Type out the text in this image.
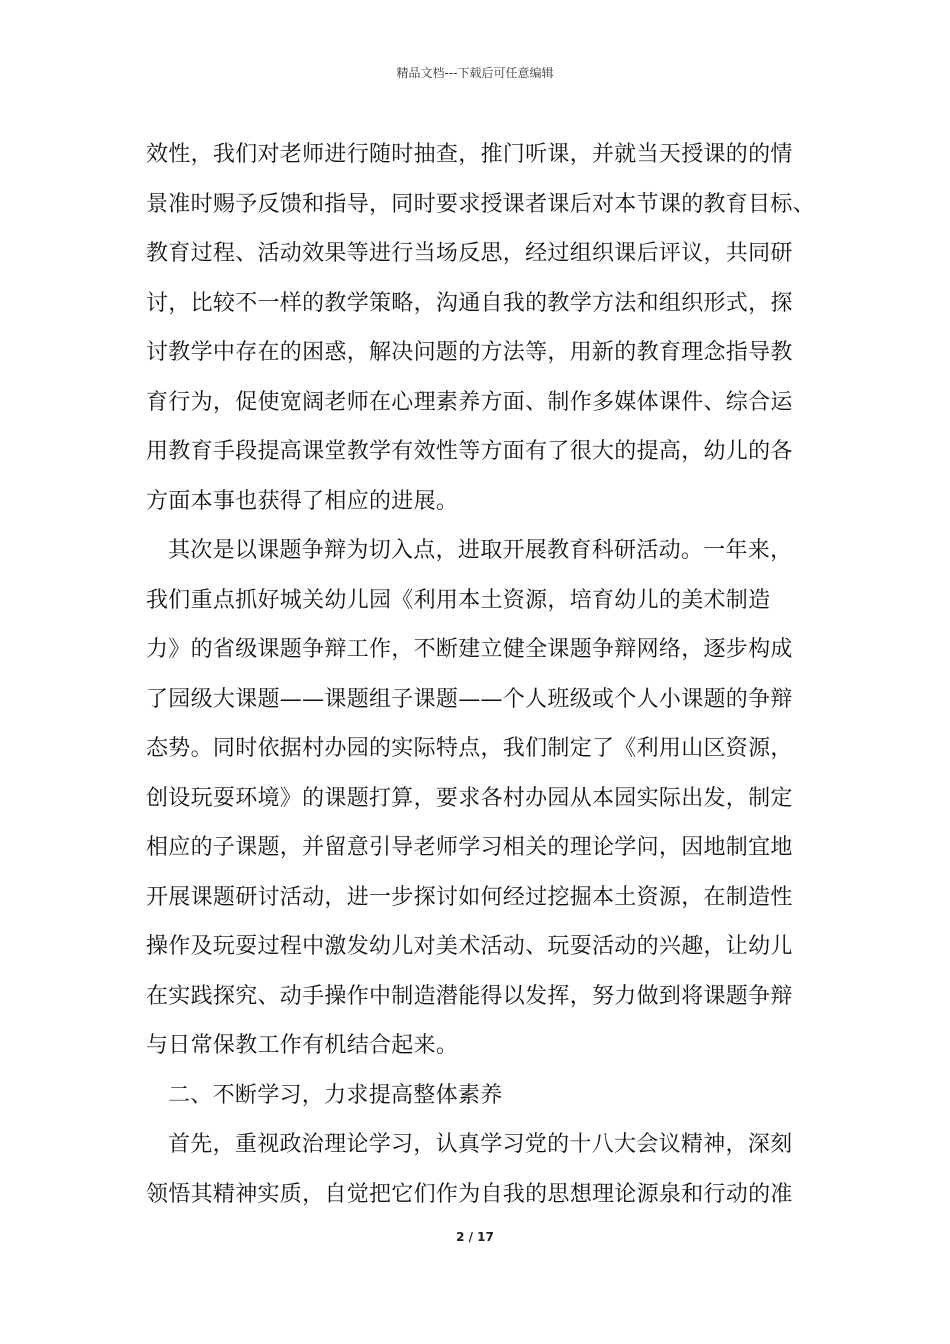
精品文档---下载后可任意编辑
效性，我们对老师进行随时抽查，推门听课，并就当天授课的的情
景准时赐予反馈和指导，同时要求授课者课后对本节课的教育目标、
教育过程、活动效果等进行当场反思，经过组织课后评议，共同研
讨，比较不一样的教学策略，沟通自我的教学方法和组织形式，探
讨教学中存在的困惑，解决问题的方法等，用新的教育理念指导教
育行为，促使宽阔老师在心理素养方面、制作多媒体课件、综合运
用教育手段提高课堂教学有效性等方面有了很大的提高，幼儿的各
方面本事也获得了相应的进展。
其次是以课题争辩为切入点，进取开展教育科研活动。一年来，
我们重点抓好城关幼儿园《利用本土资源，培育幼儿的美术制造
力》的省级课题争辩工作，不断建立健全课题争辩网络，逐步构成
了园级大课题——课题组子课题——个人班级或个人小课题的争辩
态势。同时依据村办园的实际特点，我们制定了《利用山区资源，
创设玩耍环境》的课题打算，要求各村办园从本园实际出发，制定
相应的子课题，并留意引导老师学习相关的理论学问，因地制宜地
开展课题研讨活动，进一步探讨如何经过挖掘本土资源，在制造性
操作及玩耍过程中激发幼儿对美术活动、玩耍活动的兴趣，让幼儿
在实践探究、动手操作中制造潜能得以发挥，努力做到将课题争辩
与日常保教工作有机结合起来。
二、不断学习，力求提高整体素养
首先，重视政治理论学习，认真学习党的十八大会议精神，深刻
领悟其精神实质，自觉把它们作为自我的思想理论源泉和行动的准
2 / 17
